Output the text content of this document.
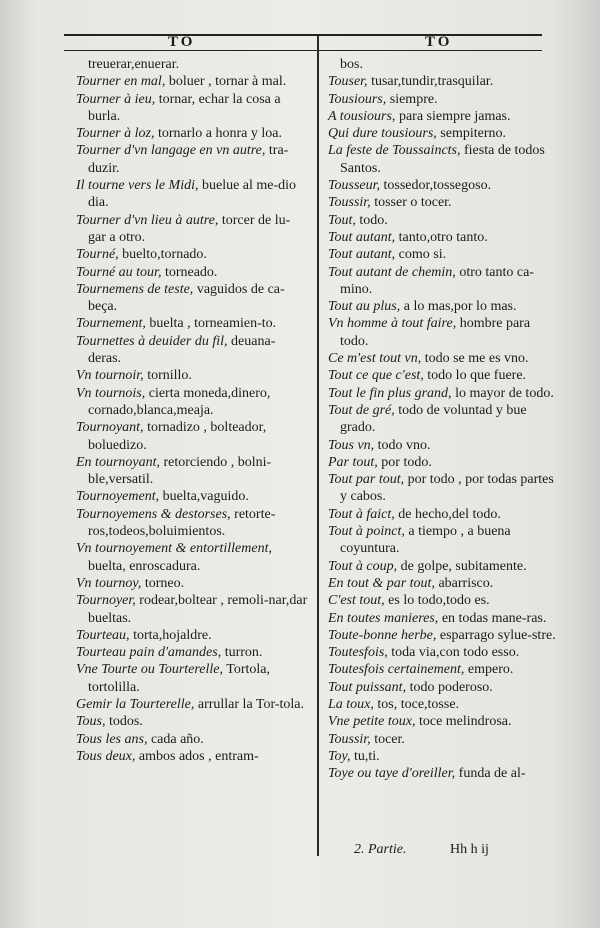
TO	TO

treuerar,enuerar.

Tourner en mal, boluer , tornar à mal.

Tourner à ieu, tornar, echar la cosa a burla.

Tourner à loz, tornarlo a honra y loa.

Tourner d'vn langage en vn autre, tra-duzir.

Il tourne vers le Midi, buelue al me-dio dia.

Tourner d'vn lieu à autre, torcer de lu-gar a otro.

Tourné, buelto,tornado.

Tourné au tour, torneado.

Tournemens de teste, vaguidos de ca-beça.

Tournement, buelta , torneamien-to.

Tournettes à deuider du fil, deuana-deras.

Vn tournoir, tornillo.

Vn tournois, cierta moneda,dinero, cornado,blanca,meaja.

Tournoyant, tornadizo , bolteador, boluedizo.

En tournoyant, retorciendo , bolni-ble,versatil.

Tournoyement, buelta,vaguido.

Tournoyemens & destorses, retorte-ros,todeos,boluimientos.

Vn tournoyement & entortillement, buelta, enroscadura.

Vn tournoy, torneo.

Tournoyer, rodear,boltear , remoli-nar,dar bueltas.

Tourteau, torta,hojaldre.

Tourteau pain d'amandes, turron.

Vne Tourte ou Tourterelle, Tortola, tortolilla.

Gemir la Tourterelle, arrullar la Tor-tola.

Tous, todos.

Tous les ans, cada año.

Tous deux, ambos ados , entram-

bos.

Touser, tusar,tundir,trasquilar.

Tousiours, siempre.

A tousiours, para siempre jamas.

Qui dure tousiours, sempiterno.

La feste de Toussaincts, fiesta de todos Santos.

Tousseur, tossedor,tossegoso.

Toussir, tosser o tocer.

Tout, todo.

Tout autant, tanto,otro tanto.

Tout autant, como si.

Tout autant de chemin, otro tanto ca-mino.

Tout au plus, a lo mas,por lo mas.

Vn homme à tout faire, hombre para todo.

Ce m'est tout vn, todo se me es vno.

Tout ce que c'est, todo lo que fuere.

Tout le fin plus grand, lo mayor de todo.

Tout de gré, todo de voluntad y bue grado.

Tous vn, todo vno.

Par tout, por todo.

Tout par tout, por todo , por todas partes y cabos.

Tout à faict, de hecho,del todo.

Tout à poinct, a tiempo , a buena coyuntura.

Tout à coup, de golpe, subitamente.

En tout & par tout, abarrisco.

C'est tout, es lo todo,todo es.

En toutes manieres, en todas mane-ras.

Toute-bonne herbe, esparrago sylue-stre.

Toutesfois, toda via,con todo esso.

Toutesfois certainement, empero.

Tout puissant, todo poderoso.

La toux, tos, toce,tosse.

Vne petite toux, toce melindrosa.

Toussir, tocer.

Toy, tu,ti.

Toye ou taye d'oreiller, funda de al-

2. Partie.	Hh h ij
